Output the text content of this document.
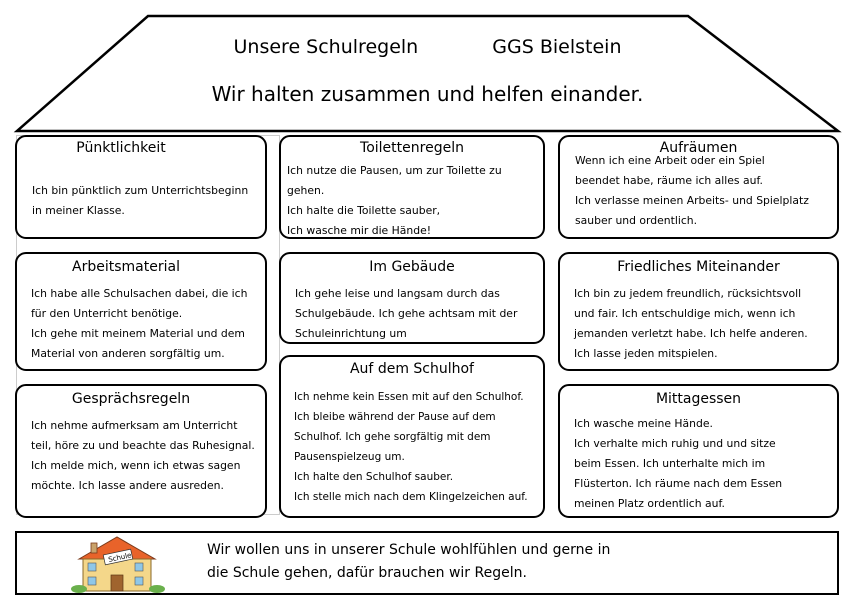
Unsere Schulregeln	GGS Bielstein
Wir halten zusammen und helfen einander.
Pünktlichkeit

Ich bin pünktlich zum Unterrichtsbeginn

in meiner Klasse.

Toilettenregeln

Ich nutze die Pausen, um zur Toilette zu

gehen.

Ich halte die Toilette sauber,

Ich wasche mir die Hände!

Aufräumen

Wenn ich eine Arbeit oder ein Spiel

beendet habe, räume ich alles auf.

Ich verlasse meinen Arbeits- und Spielplatz

sauber und ordentlich.

Arbeitsmaterial

Ich habe alle Schulsachen dabei, die ich

für den Unterricht benötige.

Ich gehe mit meinem Material und dem

Material von anderen sorgfältig um.

Im Gebäude

Ich gehe leise und langsam durch das

Schulgebäude. Ich gehe achtsam mit der

Schuleinrichtung um

Friedliches Miteinander

Ich bin zu jedem freundlich, rücksichtsvoll

und fair. Ich entschuldige mich, wenn ich

jemanden verletzt habe. Ich helfe anderen.

Ich lasse jeden mitspielen.

Gesprächsregeln

Ich nehme aufmerksam am Unterricht

teil, höre zu und beachte das Ruhesignal.

Ich melde mich, wenn ich etwas sagen

möchte. Ich lasse andere ausreden.

Auf dem Schulhof

Ich nehme kein Essen mit auf den Schulhof.

Ich bleibe während der Pause auf dem

Schulhof. Ich gehe sorgfältig mit dem

Pausenspielzeug um.

Ich halte den Schulhof sauber.

Ich stelle mich nach dem Klingelzeichen auf.

Mittagessen

Ich wasche meine Hände.

Ich verhalte mich ruhig und und sitze

beim Essen. Ich unterhalte mich im

Flüsterton. Ich räume nach dem Essen

meinen Platz ordentlich auf.

Schule	Wir wollen uns in unserer Schule wohlfühlen und gerne in
die Schule gehen, dafür brauchen wir Regeln.
